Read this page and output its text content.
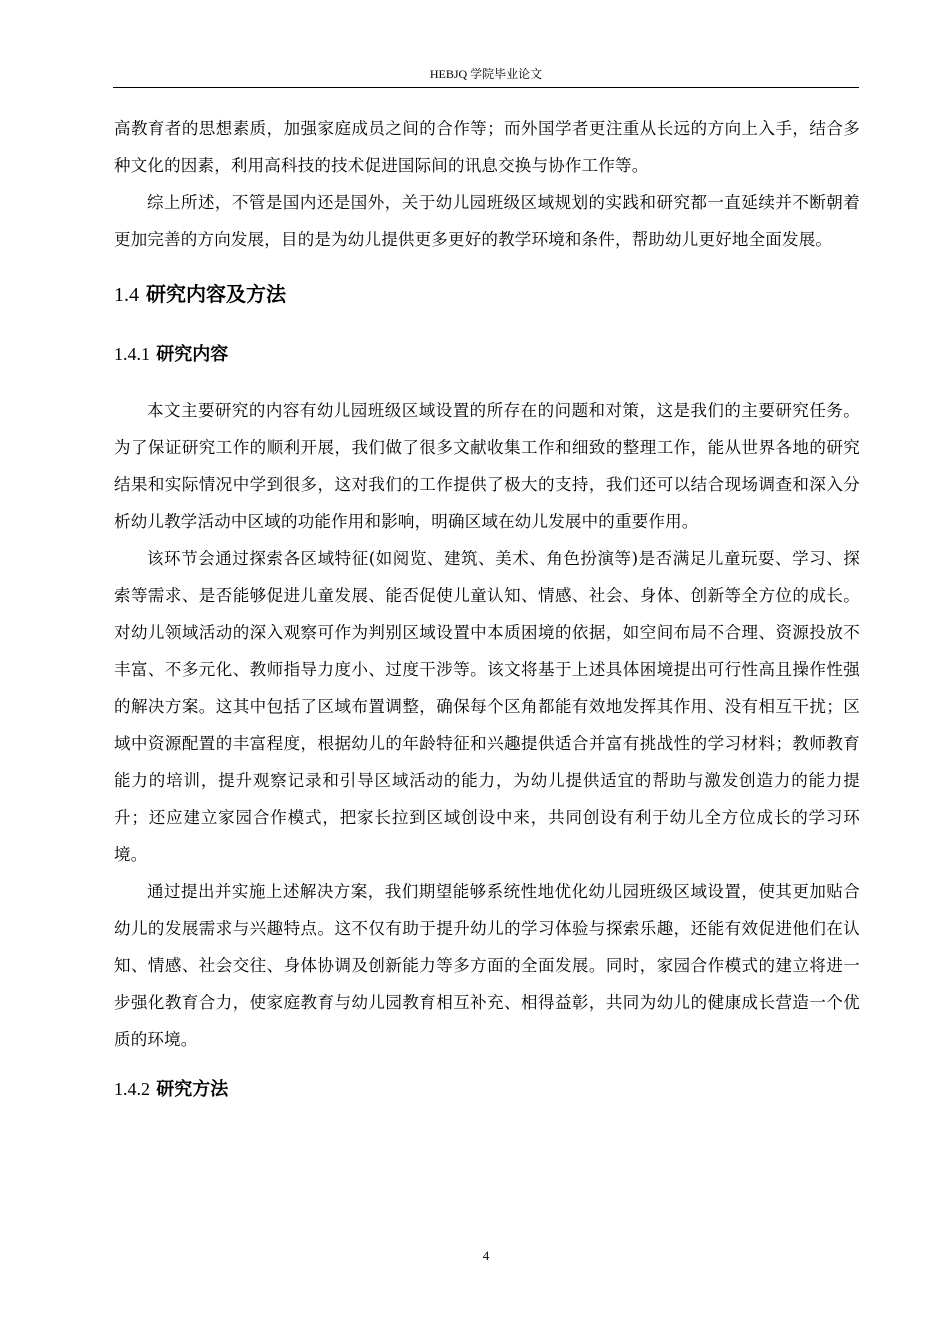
HEBJQ 学院毕业论文

高教育者的思想素质，加强家庭成员之间的合作等；而外国学者更注重从长远的方向上入手，结合多种文化的因素，利用高科技的技术促进国际间的讯息交换与协作工作等。

综上所述，不管是国内还是国外，关于幼儿园班级区域规划的实践和研究都一直延续并不断朝着更加完善的方向发展，目的是为幼儿提供更多更好的教学环境和条件，帮助幼儿更好地全面发展。

1.4 研究内容及方法
1.4.1 研究内容

本文主要研究的内容有幼儿园班级区域设置的所存在的问题和对策，这是我们的主要研究任务。为了保证研究工作的顺利开展，我们做了很多文献收集工作和细致的整理工作，能从世界各地的研究结果和实际情况中学到很多，这对我们的工作提供了极大的支持，我们还可以结合现场调查和深入分析幼儿教学活动中区域的功能作用和影响，明确区域在幼儿发展中的重要作用。

该环节会通过探索各区域特征(如阅览、建筑、美术、角色扮演等)是否满足儿童玩耍、学习、探索等需求、是否能够促进儿童发展、能否促使儿童认知、情感、社会、身体、创新等全方位的成长。对幼儿领域活动的深入观察可作为判别区域设置中本质困境的依据，如空间布局不合理、资源投放不丰富、不多元化、教师指导力度小、过度干涉等。该文将基于上述具体困境提出可行性高且操作性强的解决方案。这其中包括了区域布置调整，确保每个区角都能有效地发挥其作用、没有相互干扰；区域中资源配置的丰富程度，根据幼儿的年龄特征和兴趣提供适合并富有挑战性的学习材料；教师教育能力的培训，提升观察记录和引导区域活动的能力，为幼儿提供适宜的帮助与激发创造力的能力提升；还应建立家园合作模式，把家长拉到区域创设中来，共同创设有利于幼儿全方位成长的学习环境。

通过提出并实施上述解决方案，我们期望能够系统性地优化幼儿园班级区域设置，使其更加贴合幼儿的发展需求与兴趣特点。这不仅有助于提升幼儿的学习体验与探索乐趣，还能有效促进他们在认知、情感、社会交往、身体协调及创新能力等多方面的全面发展。同时，家园合作模式的建立将进一步强化教育合力，使家庭教育与幼儿园教育相互补充、相得益彰，共同为幼儿的健康成长营造一个优质的环境。

1.4.2 研究方法
4
